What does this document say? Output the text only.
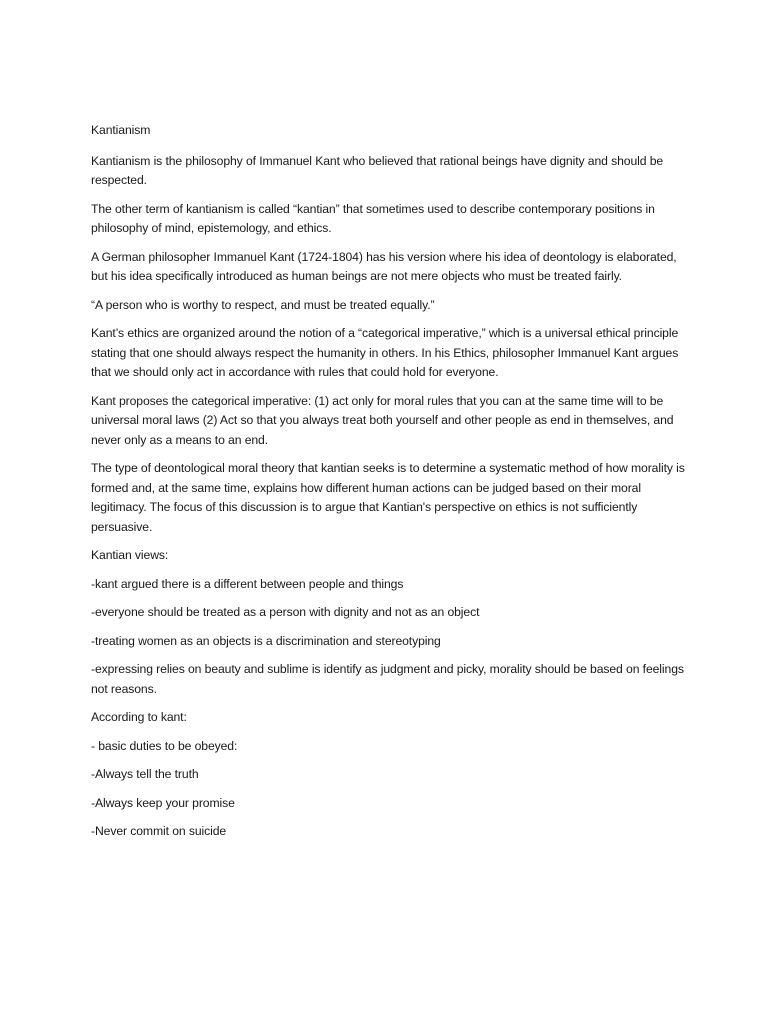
Kantianism

Kantianism is the philosophy of Immanuel Kant who believed that rational beings have dignity and should be respected.

The other term of kantianism is called “kantian” that sometimes used to describe contemporary positions in philosophy of mind, epistemology, and ethics.

A German philosopher Immanuel Kant (1724-1804) has his version where his idea of deontology is elaborated, but his idea specifically introduced as human beings are not mere objects who must be treated fairly.

“A person who is worthy to respect, and must be treated equally.”

Kant’s ethics are organized around the notion of a “categorical imperative,” which is a universal ethical principle stating that one should always respect the humanity in others. In his Ethics, philosopher Immanuel Kant argues that we should only act in accordance with rules that could hold for everyone.

Kant proposes the categorical imperative: (1) act only for moral rules that you can at the same time will to be universal moral laws (2) Act so that you always treat both yourself and other people as end in themselves, and never only as a means to an end.

The type of deontological moral theory that kantian seeks is to determine a systematic method of how morality is formed and, at the same time, explains how different human actions can be judged based on their moral legitimacy. The focus of this discussion is to argue that Kantian's perspective on ethics is not sufficiently persuasive.

Kantian views:

-kant argued there is a different between people and things

-everyone should be treated as a person with dignity and not as an object

-treating women as an objects is a discrimination and stereotyping

-expressing relies on beauty and sublime is identify as judgment and picky, morality should be based on feelings not reasons.

According to kant:

- basic duties to be obeyed:

-Always tell the truth

-Always keep your promise

-Never commit on suicide
